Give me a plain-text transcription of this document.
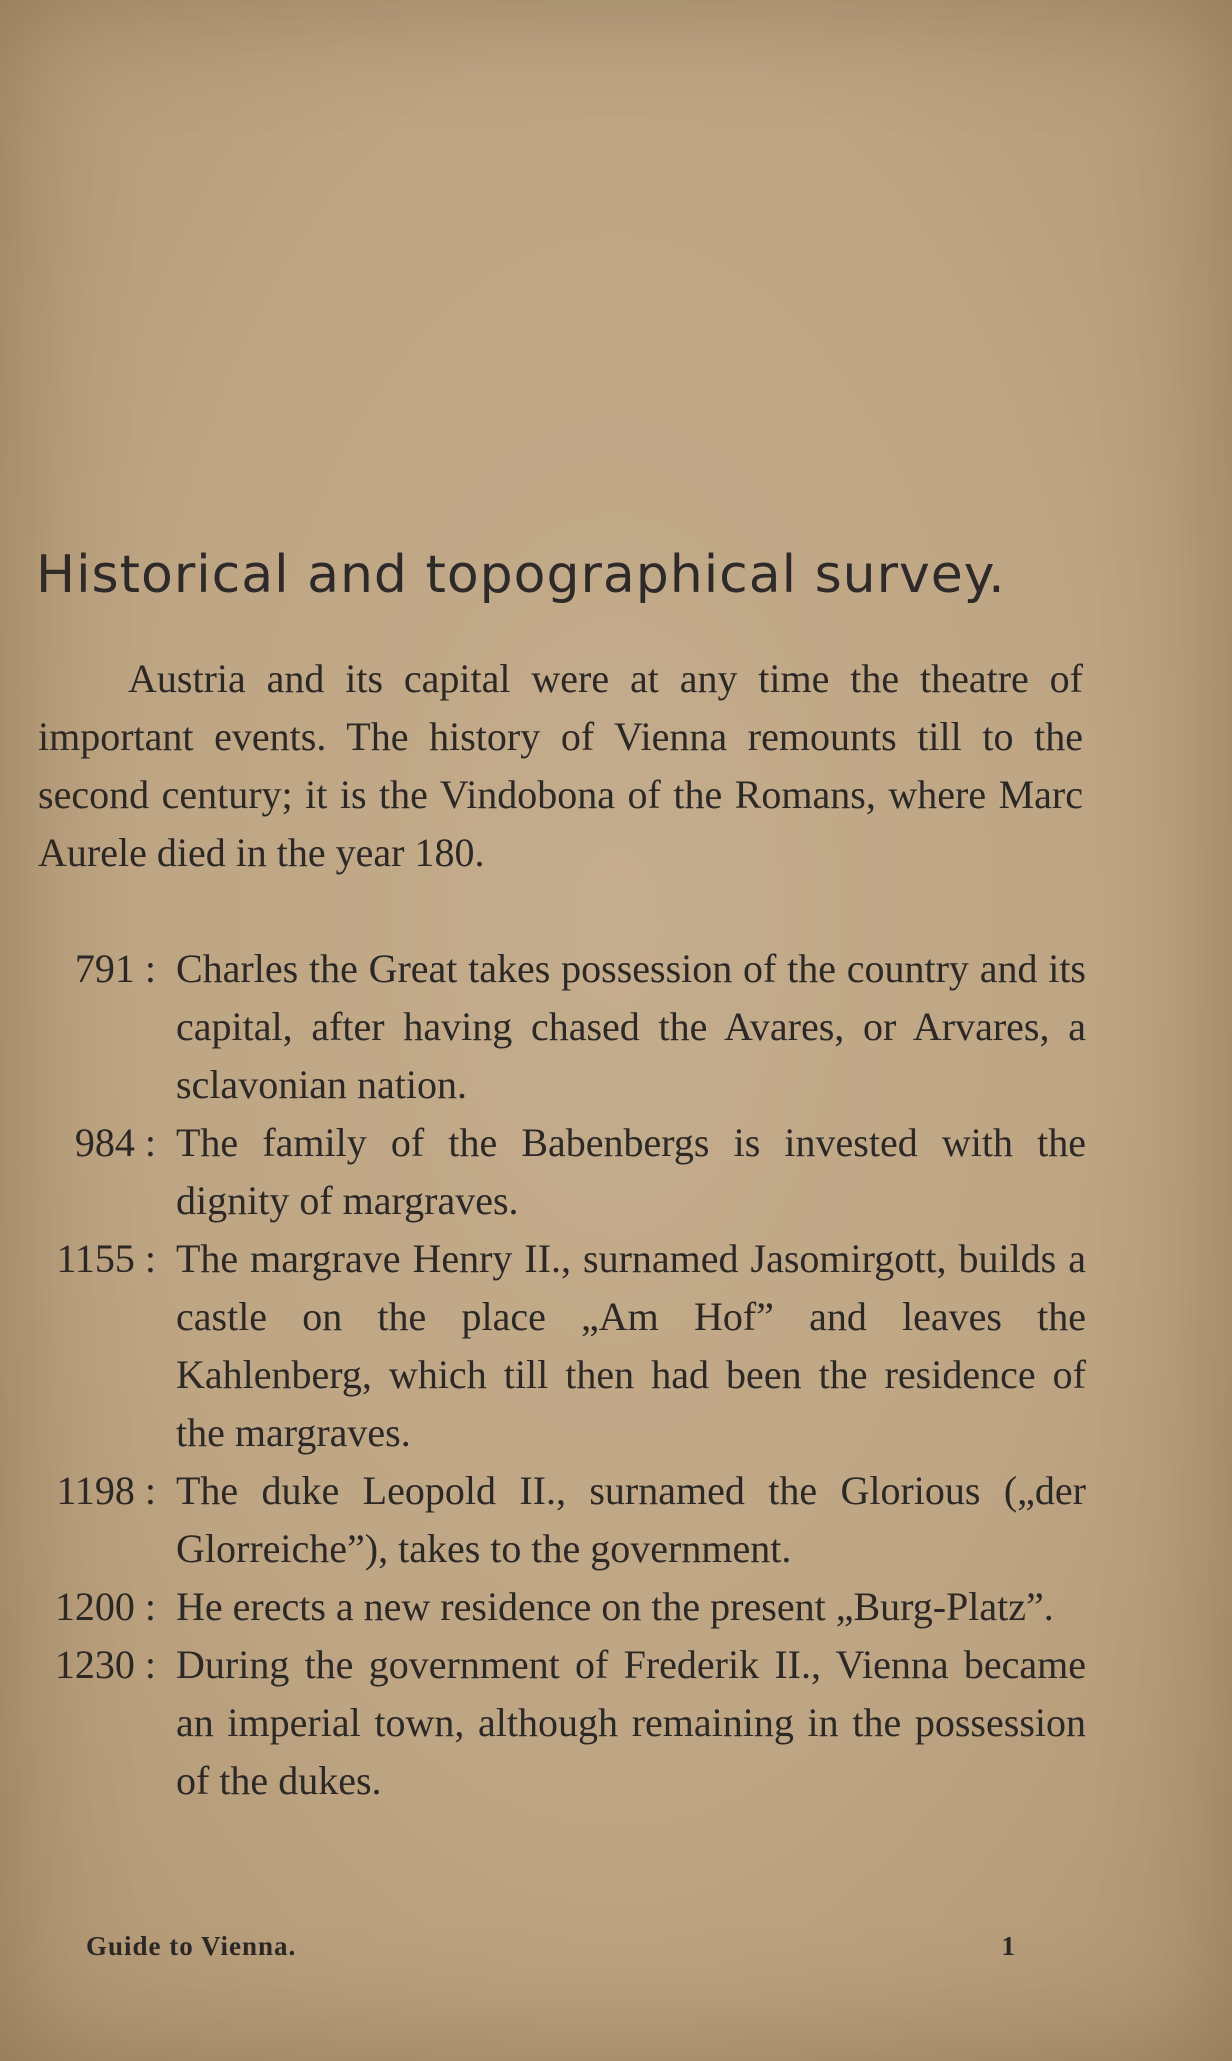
Historical and topographical survey.

Austria and its capital were at any time the theatre of important events. The history of Vienna remounts till to the second century; it is the Vindobona of the Romans, where Marc Aurele died in the year 180.

791 : Charles the Great takes possession of the country and its capital, after having chased the Avares, or Arvares, a sclavonian nation.
984 : The family of the Babenbergs is invested with the dignity of margraves.
1155 : The margrave Henry II., surnamed Jasomirgott, builds a castle on the place „Am Hof” and leaves the Kahlenberg, which till then had been the residence of the margraves.
1198 : The duke Leopold II., surnamed the Glorious („der Glorreiche”), takes to the government.
1200 : He erects a new residence on the present „Burg-Platz”.
1230 : During the government of Frederik II., Vienna became an imperial town, although remaining in the possession of the dukes.
Guide to Vienna.	1
